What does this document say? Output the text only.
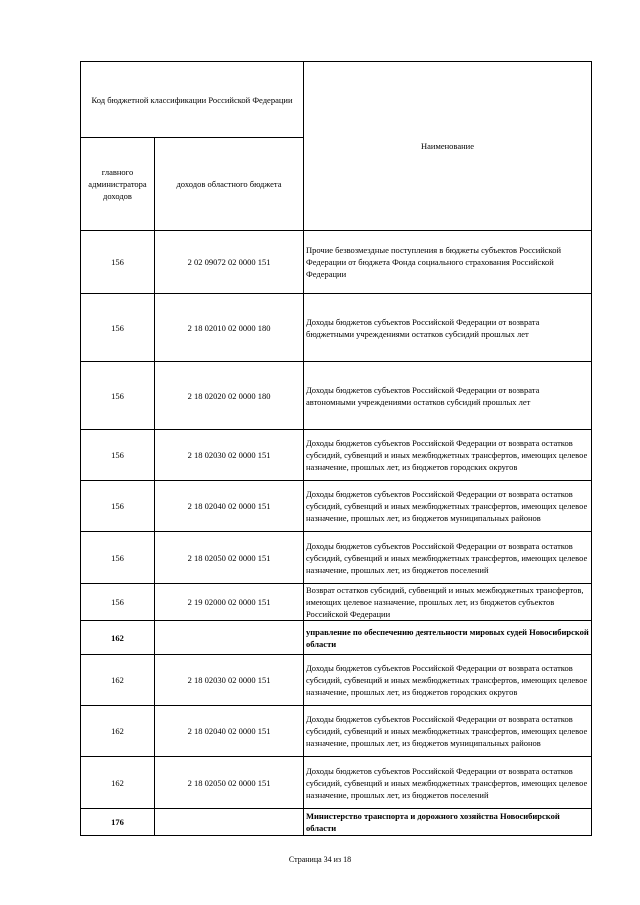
Код бюджетной классификации Российской Федерации		Наименование
главного администратора доходов	доходов областного бюджета	
156	2 02 09072 02 0000 151	Прочие безвозмездные поступления в бюджеты субъектов Российской Федерации от бюджета Фонда социального страхования Российской Федерации
156	2 18 02010 02 0000 180	Доходы бюджетов субъектов Российской Федерации от возврата бюджетными учреждениями остатков субсидий прошлых лет
156	2 18 02020 02 0000 180	Доходы бюджетов субъектов Российской Федерации от возврата автономными учреждениями остатков субсидий прошлых лет
156	2 18 02030 02 0000 151	Доходы бюджетов субъектов Российской Федерации от возврата остатков субсидий, субвенций и иных межбюджетных трансфертов, имеющих целевое назначение, прошлых лет, из бюджетов городских округов
156	2 18 02040 02 0000 151	Доходы бюджетов субъектов Российской Федерации от возврата остатков субсидий, субвенций и иных межбюджетных трансфертов, имеющих целевое назначение, прошлых лет, из бюджетов муниципальных районов
156	2 18 02050 02 0000 151	Доходы бюджетов субъектов Российской Федерации от возврата остатков субсидий, субвенций и иных межбюджетных трансфертов, имеющих целевое назначение, прошлых лет, из бюджетов поселений
156	2 19 02000 02 0000 151	Возврат остатков субсидий, субвенций и иных межбюджетных трансфертов, имеющих целевое назначение, прошлых лет, из бюджетов субъектов Российской Федерации
162		управление по обеспечению деятельности мировых судей Новосибирской области
162	2 18 02030 02 0000 151	Доходы бюджетов субъектов Российской Федерации от возврата остатков субсидий, субвенций и иных межбюджетных трансфертов, имеющих целевое назначение, прошлых лет, из бюджетов городских округов
162	2 18 02040 02 0000 151	Доходы бюджетов субъектов Российской Федерации от возврата остатков субсидий, субвенций и иных межбюджетных трансфертов, имеющих целевое назначение, прошлых лет, из бюджетов муниципальных районов
162	2 18 02050 02 0000 151	Доходы бюджетов субъектов Российской Федерации от возврата остатков субсидий, субвенций и иных межбюджетных трансфертов, имеющих целевое назначение, прошлых лет, из бюджетов поселений
176		Министерство транспорта и дорожного хозяйства Новосибирской области
Страница 34 из 18
